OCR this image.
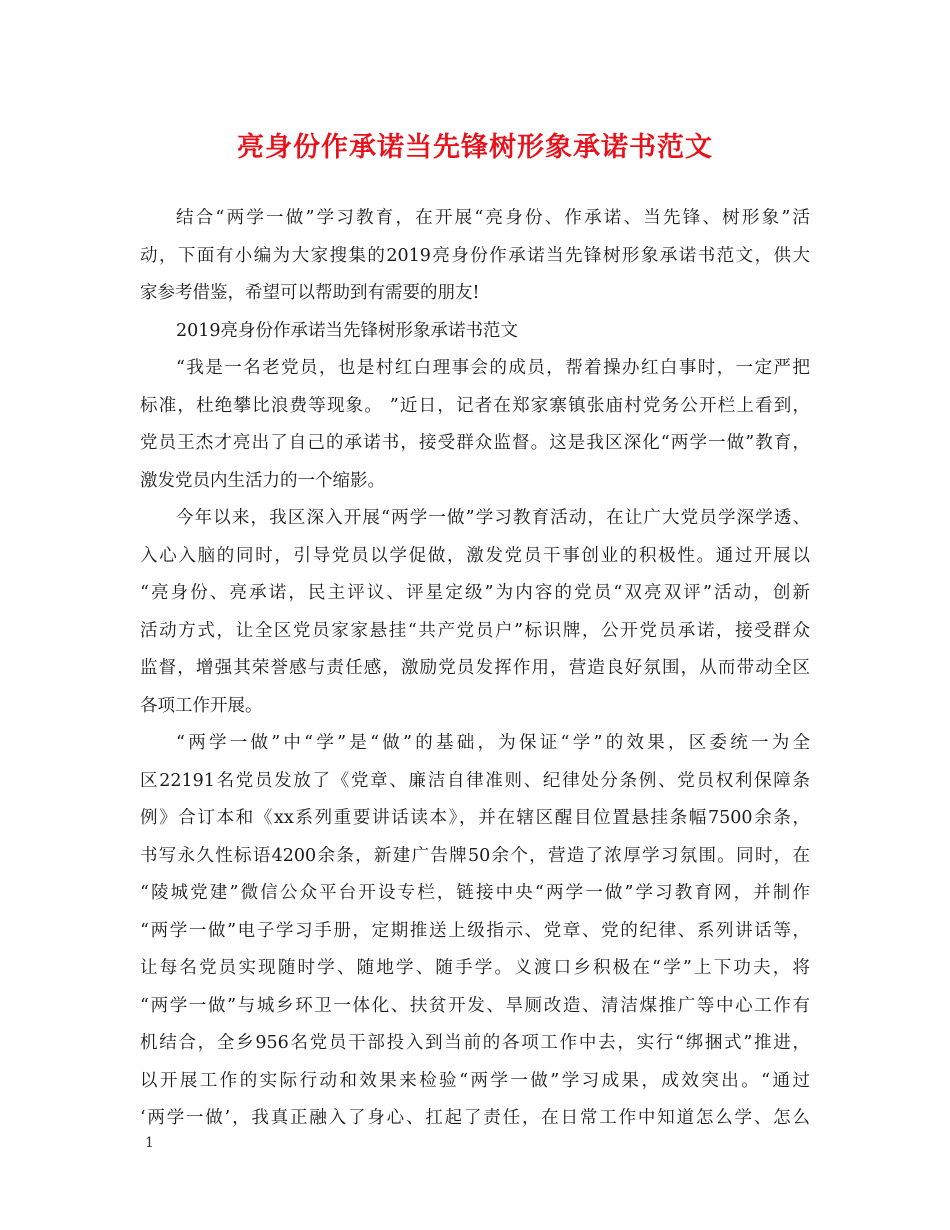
亮身份作承诺当先锋树形象承诺书范文
结合“两学一做”学习教育，在开展“亮身份、作承诺、当先锋、树形象”活
动，下面有小编为大家搜集的2019亮身份作承诺当先锋树形象承诺书范文，供大
家参考借鉴，希望可以帮助到有需要的朋友!
2019亮身份作承诺当先锋树形象承诺书范文
“我是一名老党员，也是村红白理事会的成员，帮着操办红白事时，一定严把
标准，杜绝攀比浪费等现象。 ”近日，记者在郑家寨镇张庙村党务公开栏上看到，
党员王杰才亮出了自己的承诺书，接受群众监督。这是我区深化“两学一做”教育，
激发党员内生活力的一个缩影。
今年以来，我区深入开展“两学一做”学习教育活动，在让广大党员学深学透、
入心入脑的同时，引导党员以学促做，激发党员干事创业的积极性。通过开展以
“亮身份、亮承诺，民主评议、评星定级”为内容的党员“双亮双评”活动，创新
活动方式，让全区党员家家悬挂“共产党员户”标识牌，公开党员承诺，接受群众
监督，增强其荣誉感与责任感，激励党员发挥作用，营造良好氛围，从而带动全区
各项工作开展。
“两学一做”中“学”是“做”的基础，为保证“学”的效果，区委统一为全
区22191名党员发放了《党章、廉洁自律准则、纪律处分条例、党员权利保障条
例》合订本和《xx系列重要讲话读本》，并在辖区醒目位置悬挂条幅7500余条，
书写永久性标语4200余条，新建广告牌50余个，营造了浓厚学习氛围。同时，在
“陵城党建”微信公众平台开设专栏，链接中央“两学一做”学习教育网，并制作
“两学一做”电子学习手册，定期推送上级指示、党章、党的纪律、系列讲话等，
让每名党员实现随时学、随地学、随手学。义渡口乡积极在“学”上下功夫，将
“两学一做”与城乡环卫一体化、扶贫开发、旱厕改造、清洁煤推广等中心工作有
机结合，全乡956名党员干部投入到当前的各项工作中去，实行“绑捆式”推进，
以开展工作的实际行动和效果来检验“两学一做”学习成果，成效突出。“通过
‘两学一做’，我真正融入了身心、扛起了责任，在日常工作中知道怎么学、怎么
1
